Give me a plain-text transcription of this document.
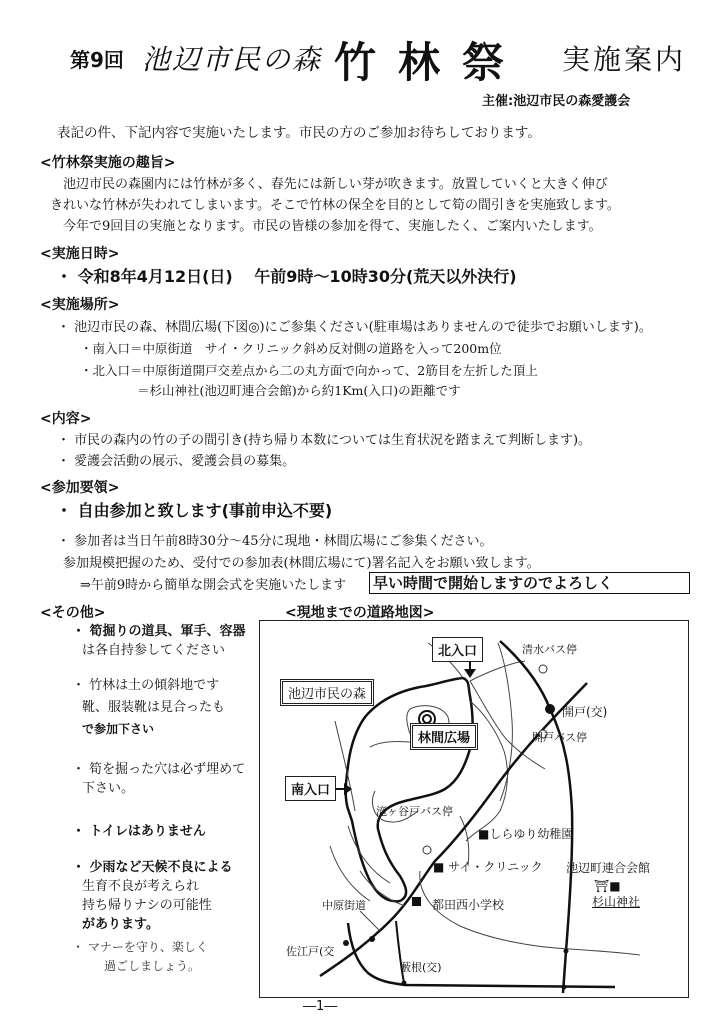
第9回 池辺市民の森 竹林祭 実施案内
主催:池辺市民の森愛護会
表記の件、下記内容で実施いたします。市民の方のご参加お待ちしております。
<竹林祭実施の趣旨>
池辺市民の森園内には竹林が多く、春先には新しい芽が吹きます。放置していくと大きく伸び
きれいな竹林が失われてしまいます。そこで竹林の保全を目的として筍の間引きを実施致します。
今年で9回目の実施となります。市民の皆様の参加を得て、実施したく、ご案内いたします。
<実施日時>
・ 令和8年4月12日(日)　 午前9時～10時30分(荒天以外決行)
<実施場所>
・ 池辺市民の森、林間広場(下図◎)にご参集ください(駐車場はありませんので徒歩でお願いします)。
・南入口＝中原街道　サイ・クリニック斜め反対側の道路を入って200m位
・北入口＝中原街道開戸交差点から二の丸方面で向かって、2筋目を左折した頂上
＝杉山神社(池辺町連合会館)から約1Km(入口)の距離です
<内容>
・ 市民の森内の竹の子の間引き(持ち帰り本数については生育状況を踏まえて判断します)。
・ 愛護会活動の展示、愛護会員の募集。
<参加要領>
・ 自由参加と致します(事前申込不要)
・ 参加者は当日午前8時30分～45分に現地・林間広場にご参集ください。
参加規模把握のため、受付での参加表(林間広場にて)署名記入をお願い致します。
⇒午前9時から簡単な開会式を実施いたします 早い時間で開始しますのでよろしく
<その他>
・ 筍掘りの道具、軍手、容器
は各自持参してください
・ 竹林は土の傾斜地です
靴、服装靴は見合ったも
で参加下さい
・ 筍を掘った穴は必ず埋めて
下さい。
・ トイレはありません
・ 少雨など天候不良による
生育不良が考えられ
持ち帰りナシの可能性
があります。
・ マナーを守り、楽しく
過ごしましょう。
<現地までの道路地図>
北入口
池辺市民の森
林間広場
南入口
清水バス停
開戸(交)
開戸バス停
滝ヶ谷戸バス停
■しらゆり幼稚園
■ サイ・クリニック
都田西小学校
中原街道
池辺町連合会館
⛩■
杉山神社
佐江戸(交
藪根(交)
―1―
